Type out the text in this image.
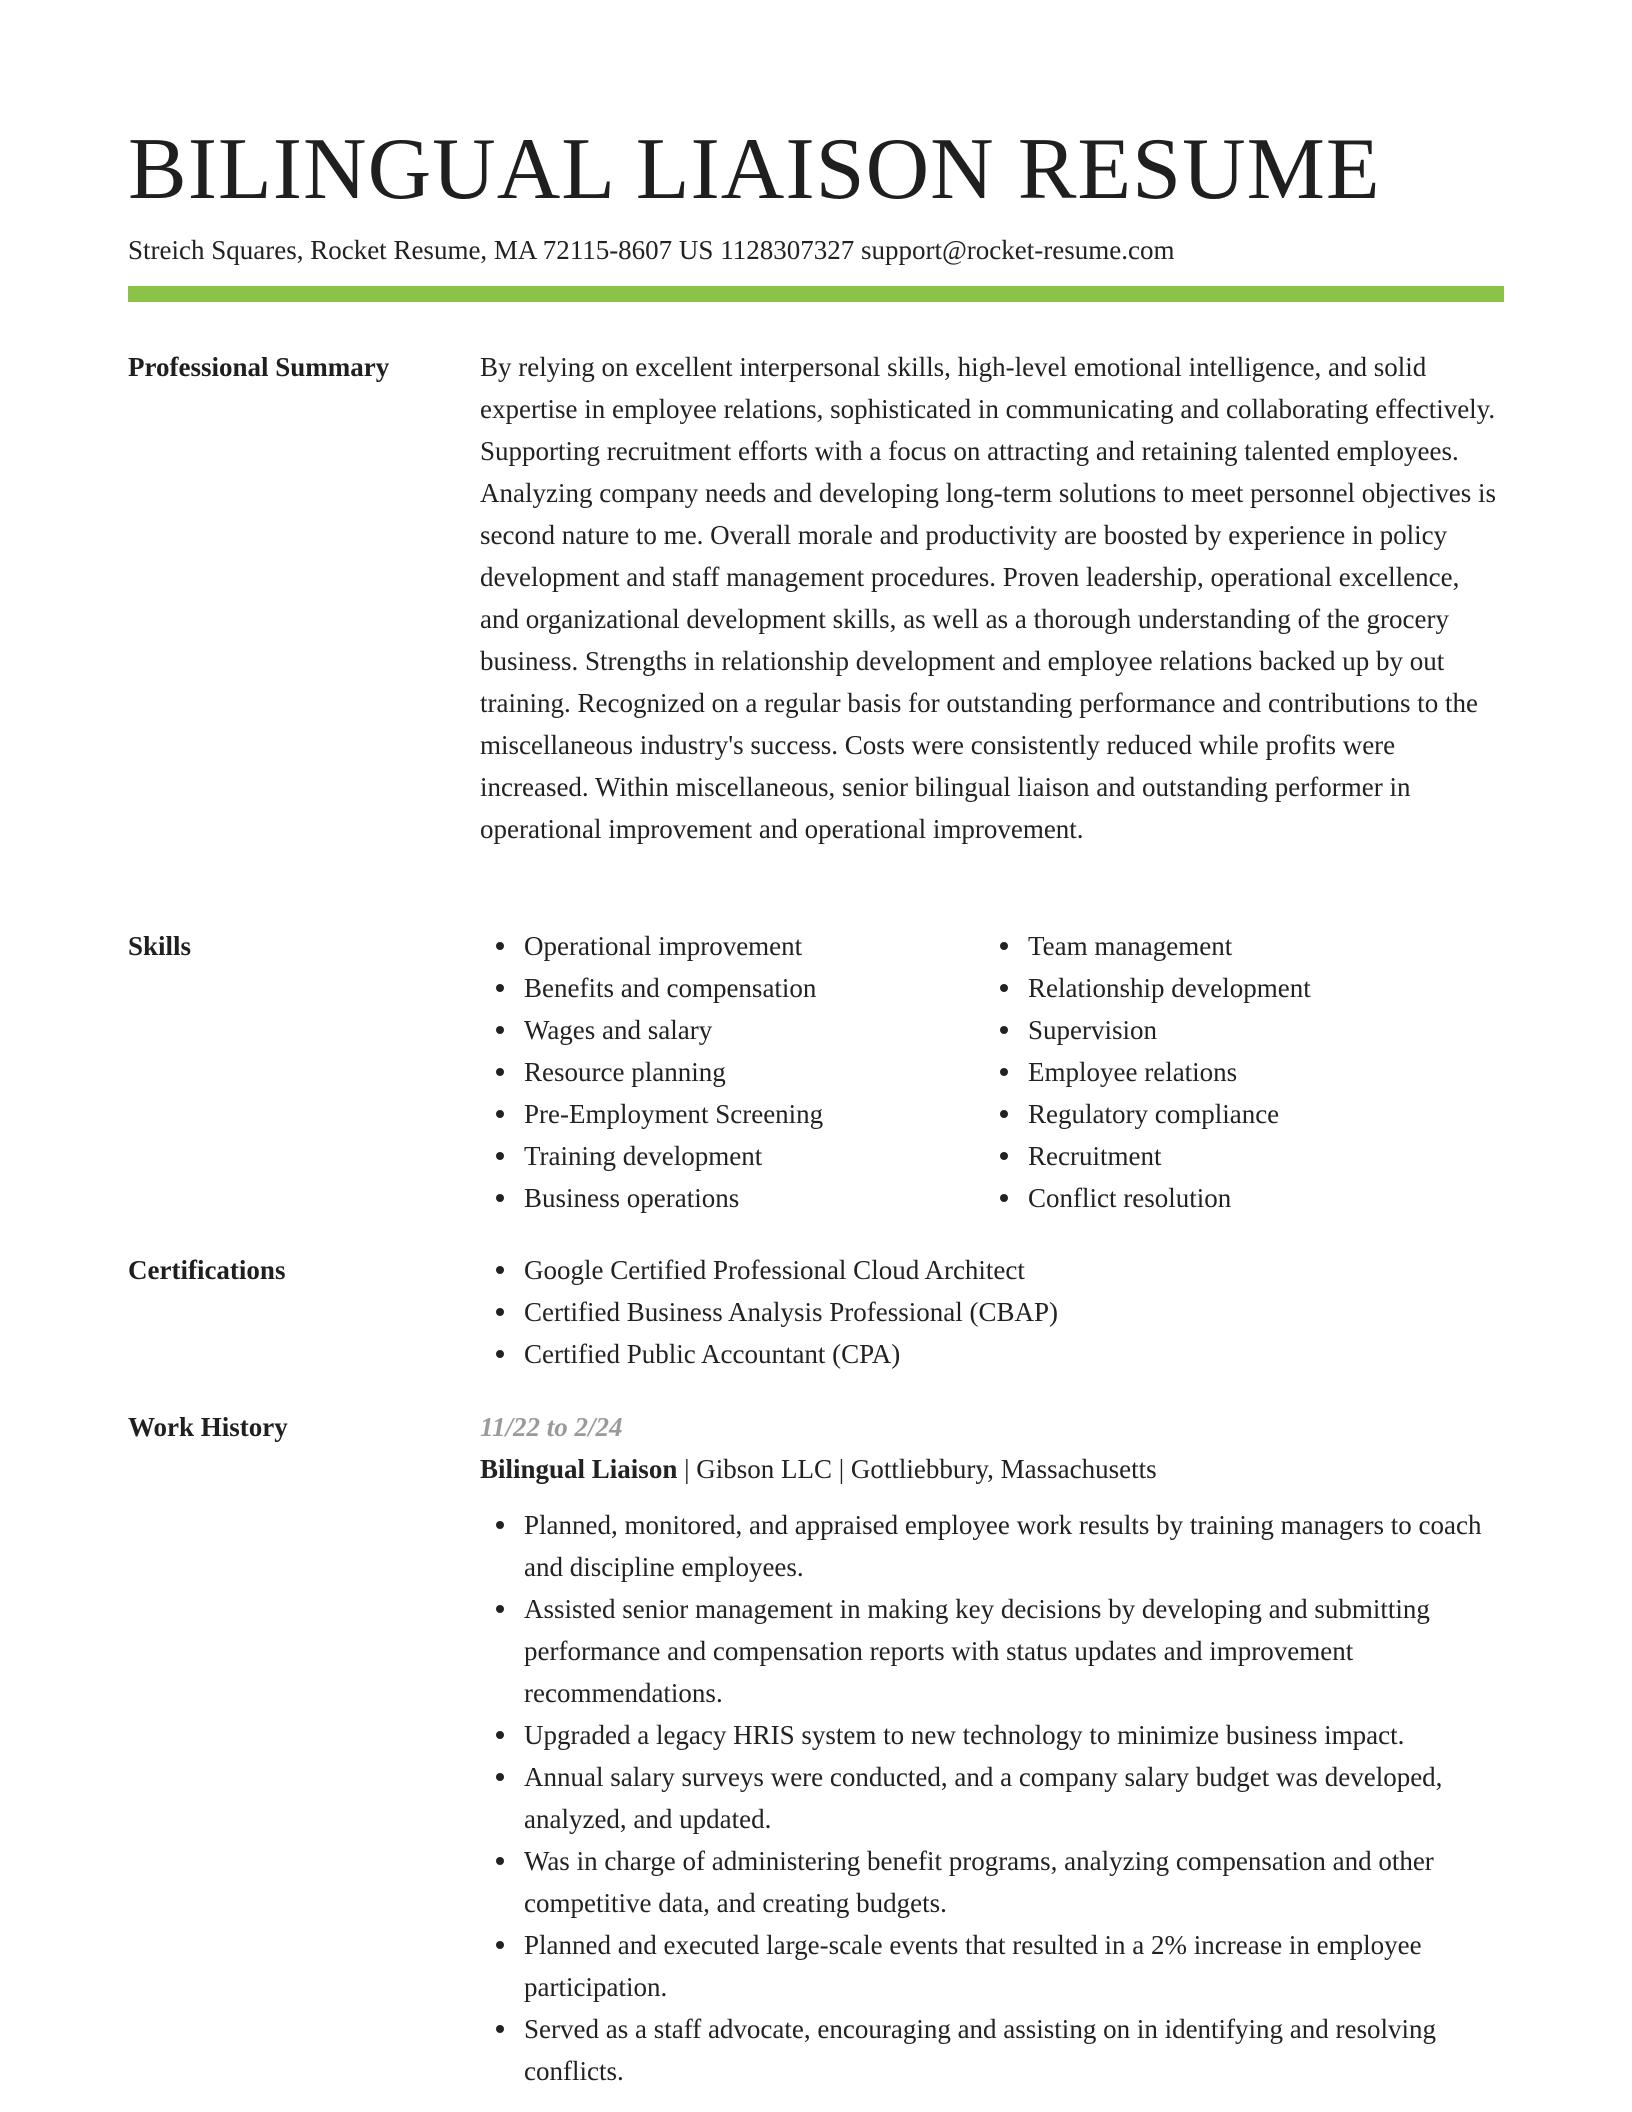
BILINGUAL LIAISON RESUME
Streich Squares, Rocket Resume, MA 72115-8607 US 1128307327 support@rocket-resume.com
Professional Summary	By relying on excellent interpersonal skills, high-level emotional intelligence, and solid expertise in employee relations, sophisticated in communicating and collaborating effectively. Supporting recruitment efforts with a focus on attracting and retaining talented employees. Analyzing company needs and developing long-term solutions to meet personnel objectives is second nature to me. Overall morale and productivity are boosted by experience in policy development and staff management procedures. Proven leadership, operational excellence, and organizational development skills, as well as a thorough understanding of the grocery business. Strengths in relationship development and employee relations backed up by out training. Recognized on a regular basis for outstanding performance and contributions to the miscellaneous industry's success. Costs were consistently reduced while profits were increased. Within miscellaneous, senior bilingual liaison and outstanding performer in operational improvement and operational improvement.

Skills	Operational improvement
Benefits and compensation
Wages and salary
Resource planning
Pre-Employment Screening
Training development
Business operations
Team management
Relationship development
Supervision
Employee relations
Regulatory compliance
Recruitment
Conflict resolution
Certifications	Google Certified Professional Cloud Architect
Certified Business Analysis Professional (CBAP)
Certified Public Accountant (CPA)
Work History	11/22 to 2/24
Bilingual Liaison | Gibson LLC | Gottliebbury, Massachusetts
Planned, monitored, and appraised employee work results by training managers to coach and discipline employees.
Assisted senior management in making key decisions by developing and submitting performance and compensation reports with status updates and improvement recommendations.
Upgraded a legacy HRIS system to new technology to minimize business impact.
Annual salary surveys were conducted, and a company salary budget was developed, analyzed, and updated.
Was in charge of administering benefit programs, analyzing compensation and other competitive data, and creating budgets.
Planned and executed large-scale events that resulted in a 2% increase in employee participation.
Served as a staff advocate, encouraging and assisting on in identifying and resolving conflicts.
